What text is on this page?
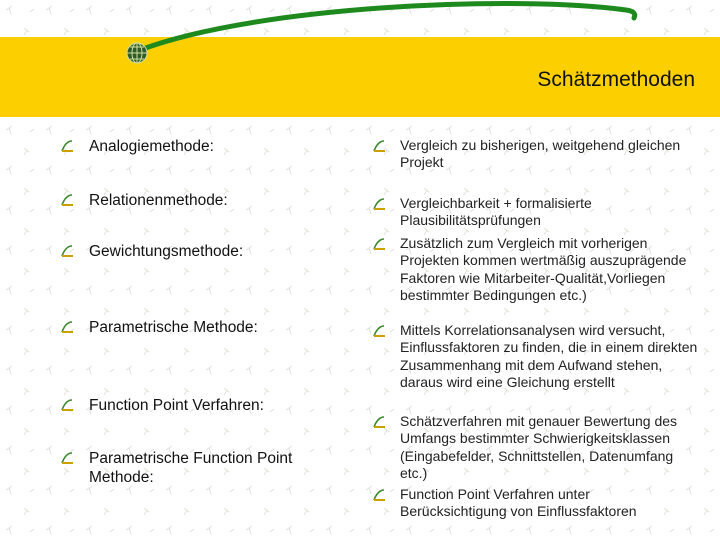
Schätzmethoden
Analogiemethode:
Relationenmethode:
Gewichtungsmethode:
Parametrische Methode:
Function Point Verfahren:
Parametrische Function Point Methode:
Vergleich zu bisherigen, weitgehend gleichen Projekt
Vergleichbarkeit + formalisierte Plausibilitätsprüfungen
Zusätzlich zum Vergleich mit vorherigen Projekten kommen wertmäßig auszuprägende Faktoren wie Mitarbeiter-Qualität,Vorliegen bestimmter Bedingungen etc.)
Mittels Korrelationsanalysen wird versucht, Einflussfaktoren zu finden, die in einem direkten Zusammenhang mit dem Aufwand stehen, daraus wird eine Gleichung erstellt
Schätzverfahren mit genauer Bewertung des Umfangs bestimmter Schwierigkeitsklassen (Eingabefelder, Schnittstellen, Datenumfang etc.)
Function Point Verfahren unter Berücksichtigung von Einflussfaktoren
